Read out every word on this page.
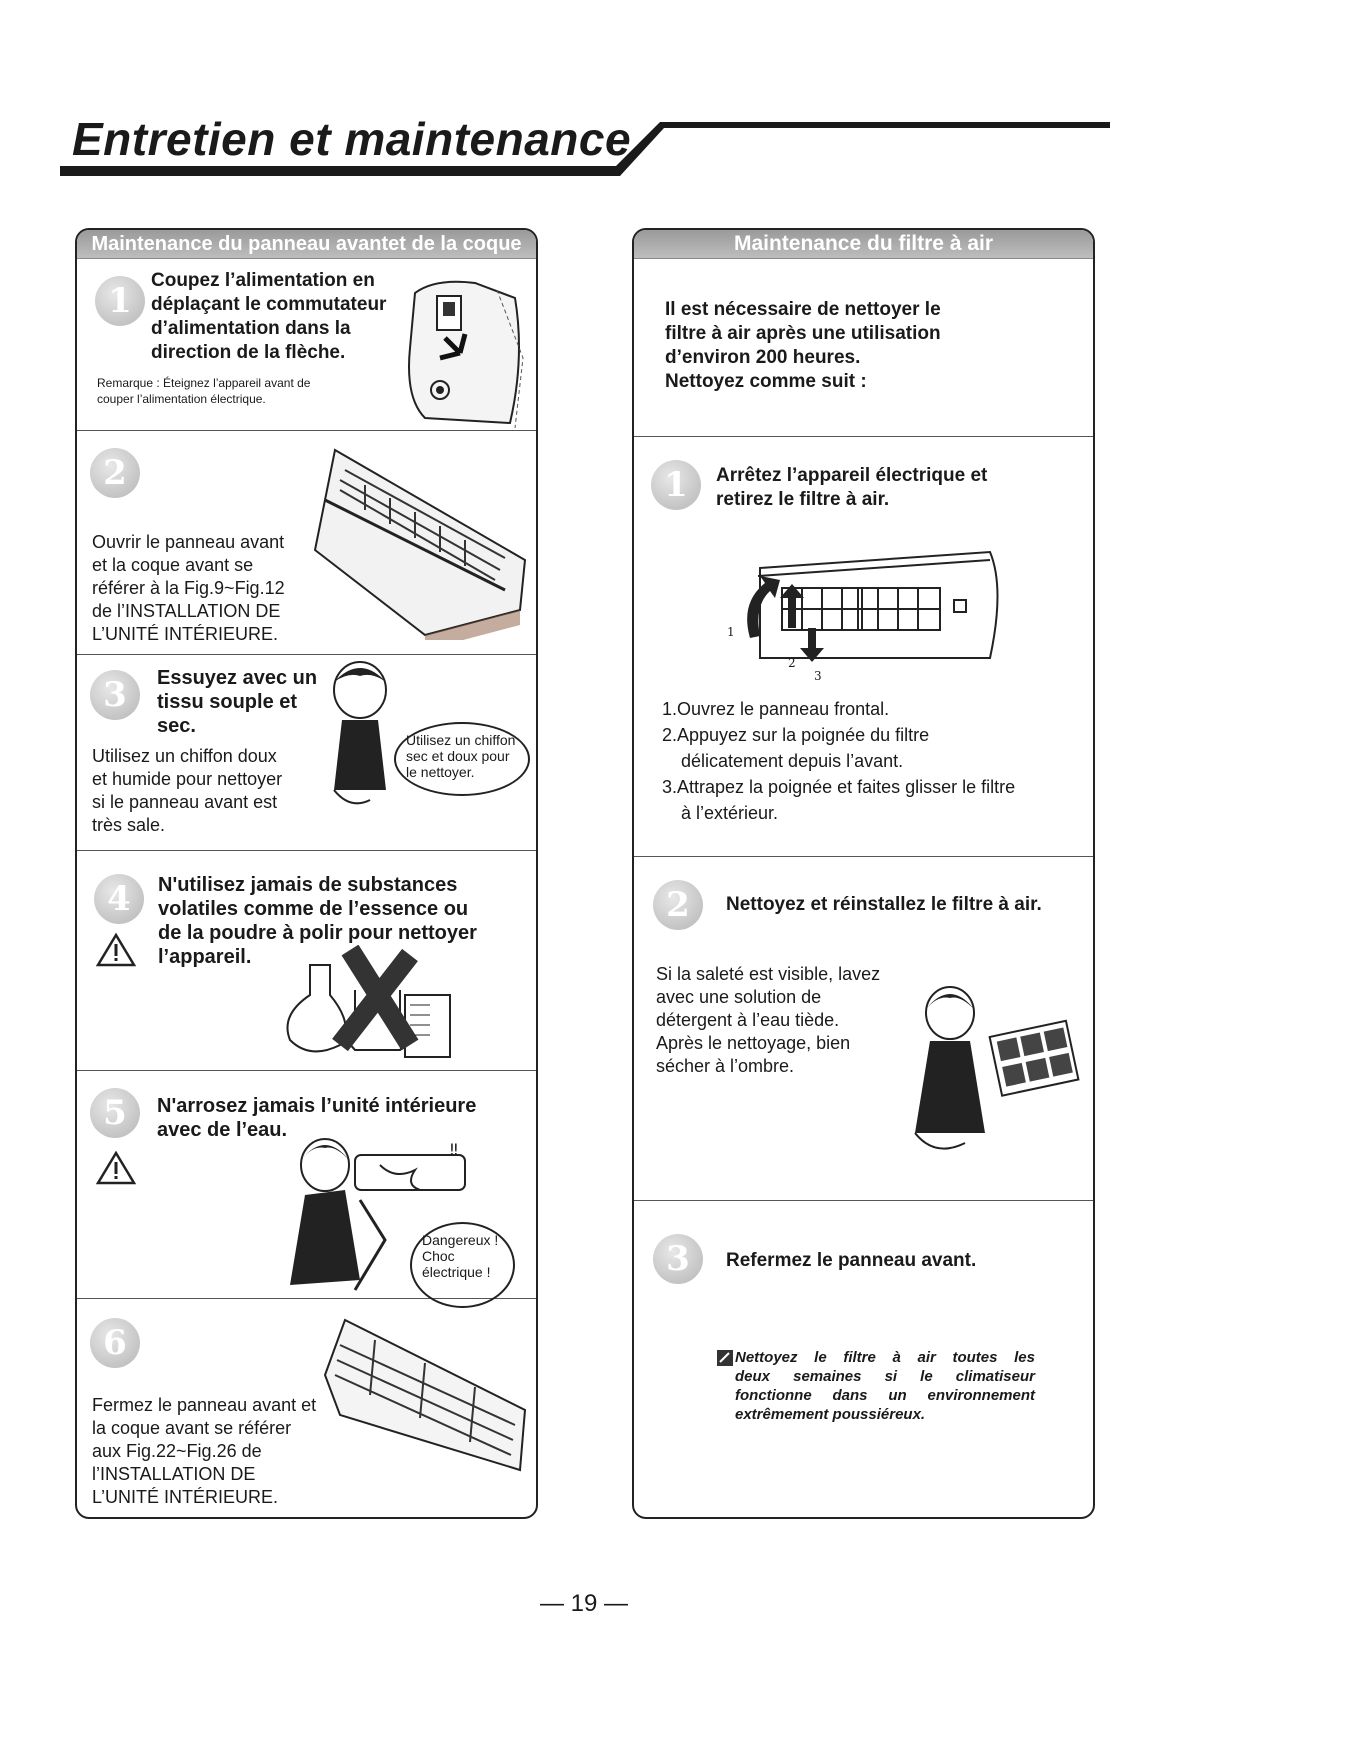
Entretien et maintenance
Maintenance du panneau avantet de la coque
1
Coupez l’alimentation en
déplaçant le commutateur
d’alimentation dans la
direction de la flèche.
Remarque : Éteignez l’appareil avant de
couper l’alimentation électrique.
2
Ouvrir le panneau avant
et la coque avant se
référer à la Fig.9~Fig.12
de l’INSTALLATION DE
L’UNITÉ INTÉRIEURE.
3	Essuyez avec un
tissu souple et
sec.
Utilisez un chiffon doux
et humide pour nettoyer
si le panneau avant est
très sale.
Utilisez un chiffon
sec et doux pour
le nettoyer.
4	N'utilisez jamais de substances
volatiles comme de l’essence ou
de la poudre à polir pour nettoyer
l’appareil.
5	N'arrosez jamais l’unité intérieure
avec de l’eau.
‼
Dangereux !
Choc
électrique !
6
Fermez le panneau avant et
la coque avant se référer
aux Fig.22~Fig.26 de
l’INSTALLATION DE
L’UNITÉ INTÉRIEURE.
Maintenance du filtre à air
Il est nécessaire de nettoyer le
filtre à air après une utilisation
d’environ 200 heures.
Nettoyez comme suit :
1	Arrêtez l’appareil électrique et
retirez le filtre à air.
1
2
3
1.Ouvrez le panneau frontal.
2.Appuyez sur la poignée du filtre
délicatement depuis l’avant.
3.Attrapez la poignée et faites glisser le filtre
à l’extérieur.
2	Nettoyez et réinstallez le filtre à air.
Si la saleté est visible, lavez
avec une solution de
détergent à l’eau tiède.
Après le nettoyage, bien
sécher à l’ombre.
3	Refermez le panneau avant.
Nettoyez le filtre à air toutes les
deux semaines si le climatiseur
fonctionne dans un environnement
extrêmement poussiéreux.
— 19 —
